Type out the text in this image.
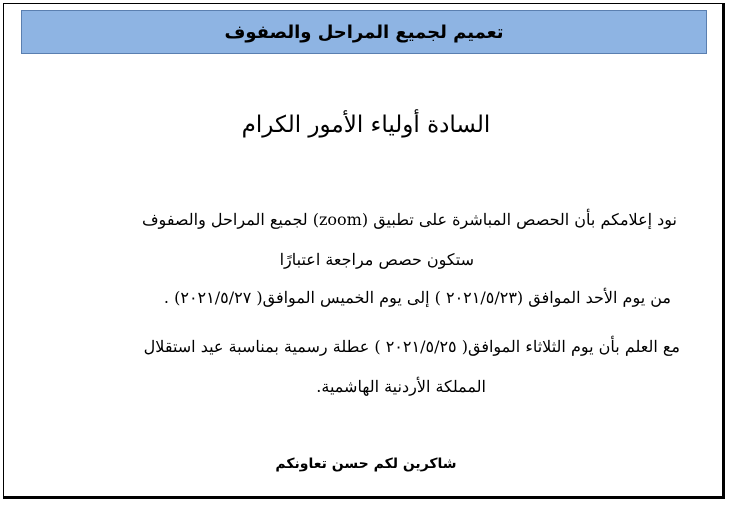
تعميم لجميع المراحل والصفوف
السادة أولياء الأمور الكرام
نود إعلامكم بأن الحصص المباشرة على تطبيق (zoom) لجميع المراحل والصفوف
ستكون حصص مراجعة اعتبارًا
من يوم الأحد الموافق (٢٠٢١/٥/٢٣ ) إلى يوم الخميس الموافق( ٢٠٢١/٥/٢٧) .
مع العلم بأن يوم الثلاثاء الموافق( ٢٠٢١/٥/٢٥ ) عطلة رسمية بمناسبة عيد استقلال
المملكة الأردنية الهاشمية.
شاكرين لكم حسن تعاونكم
